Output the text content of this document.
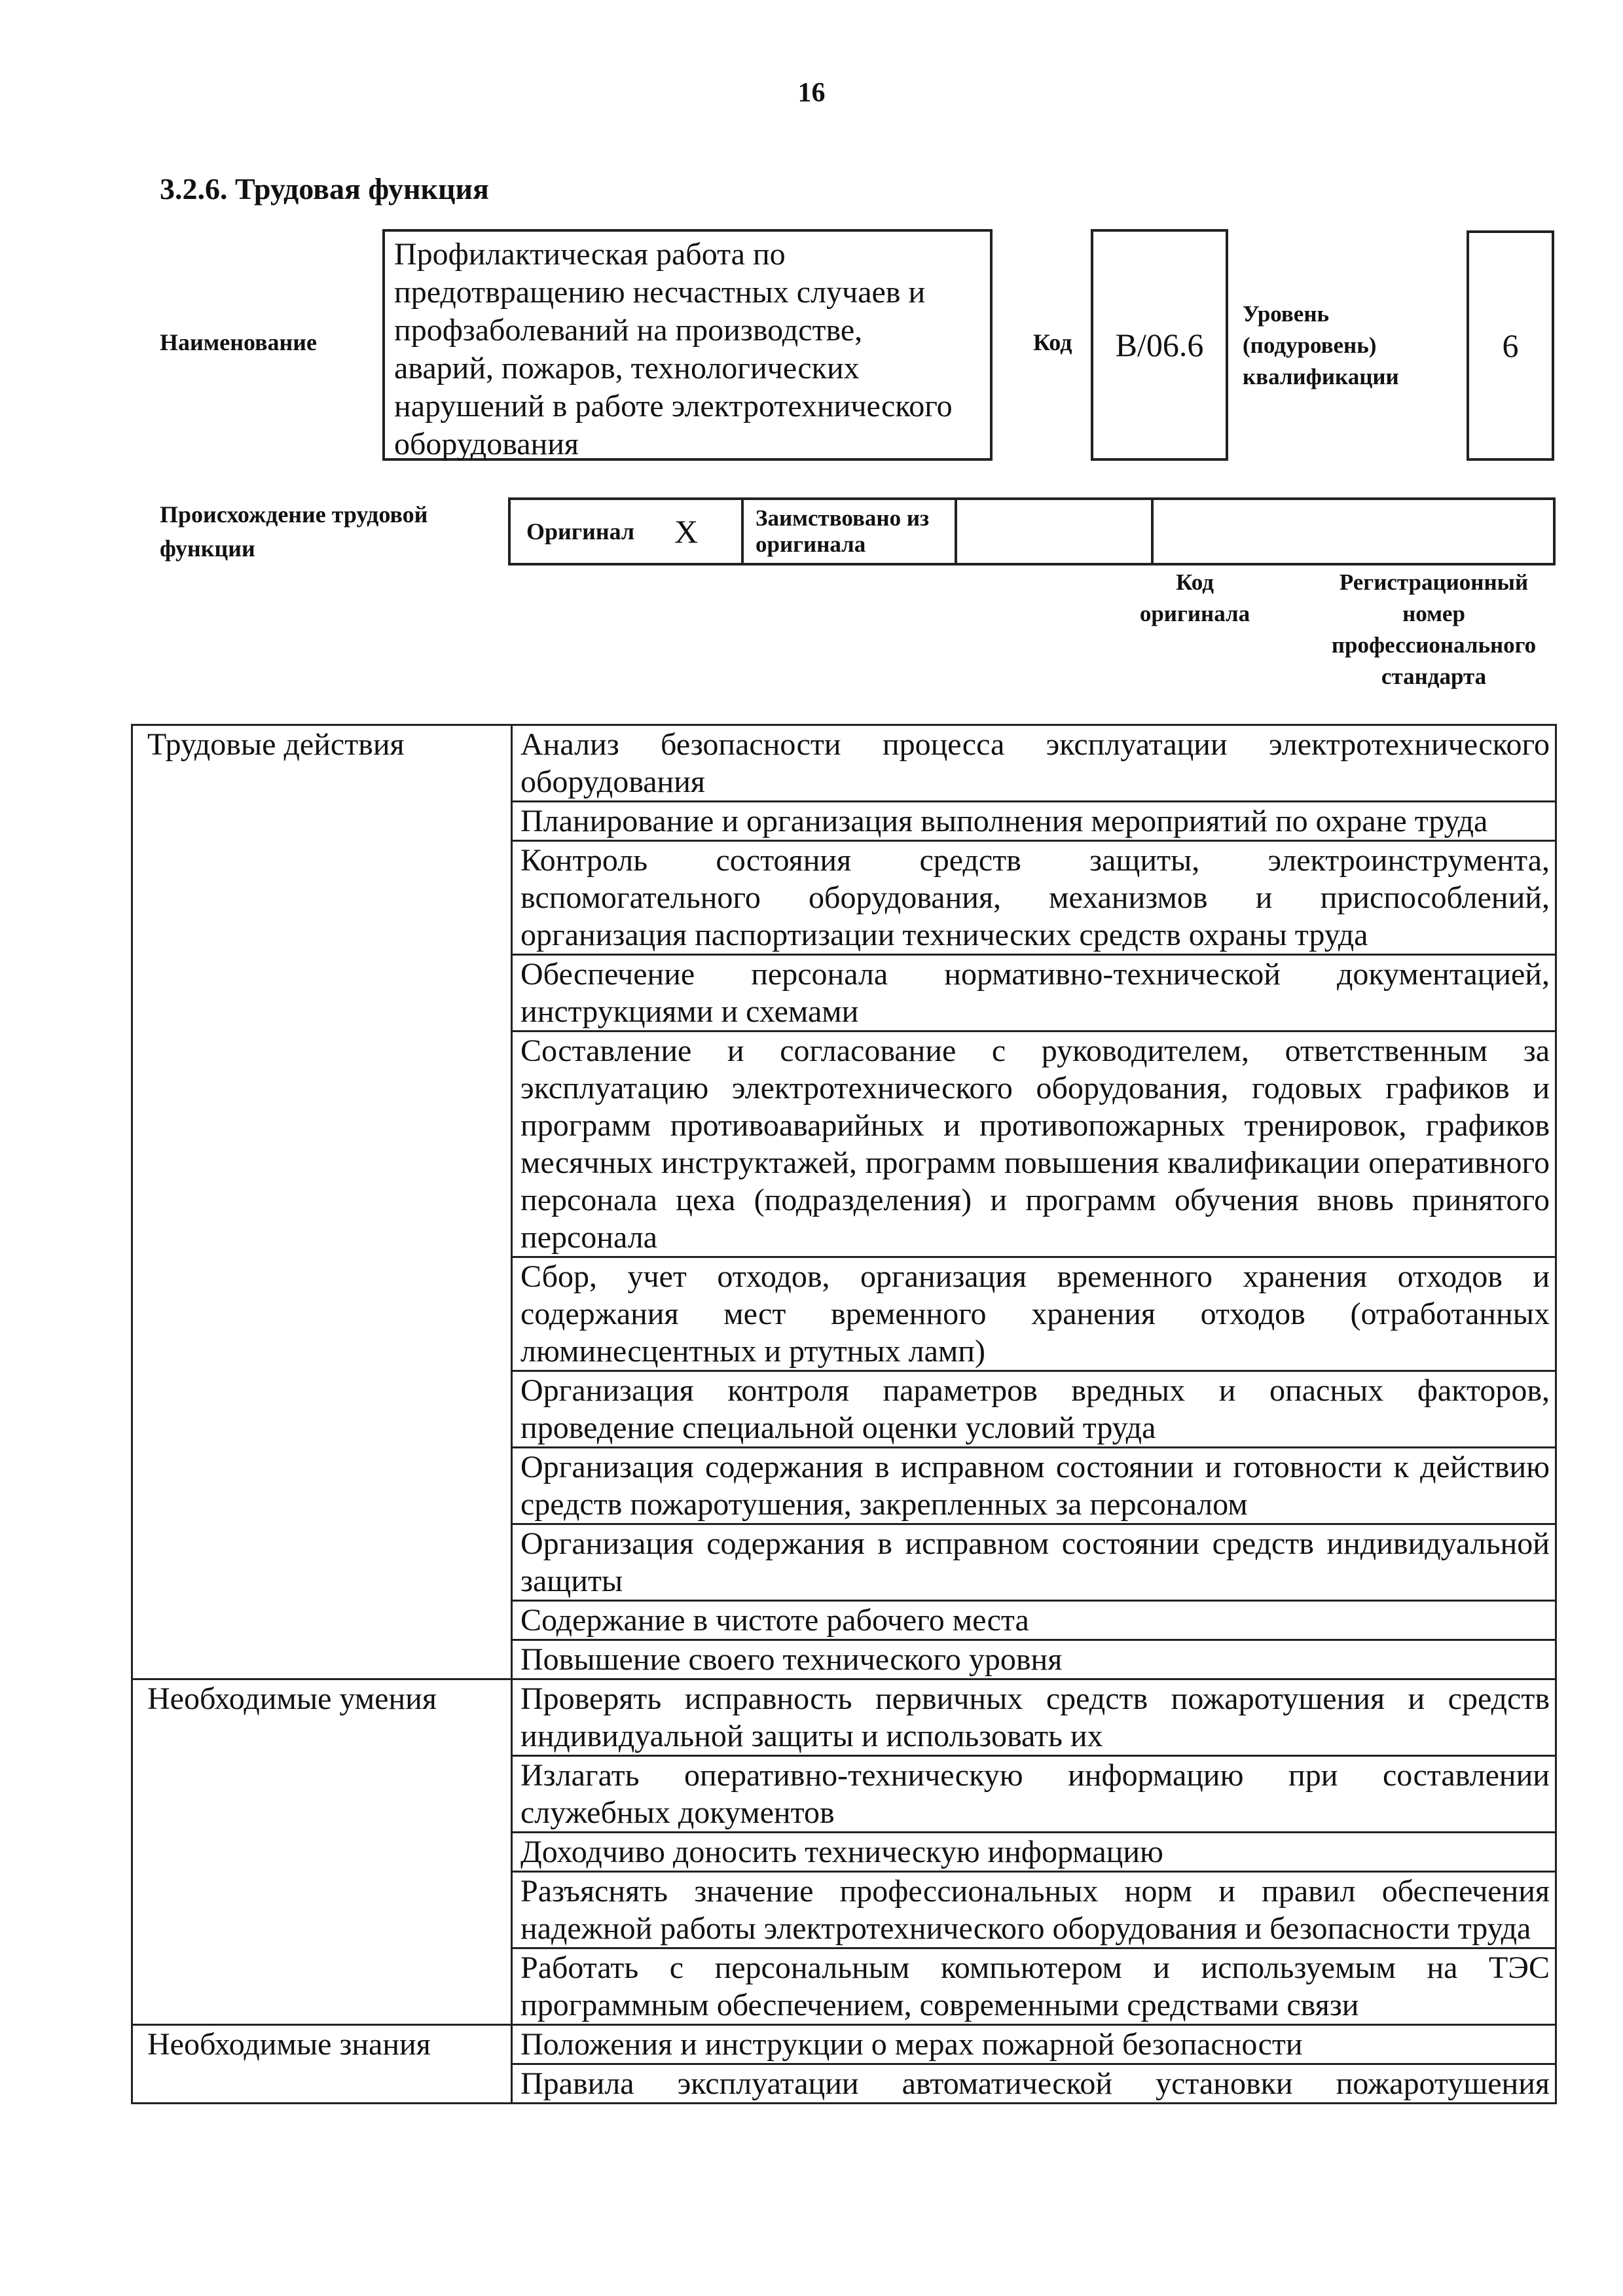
16
3.2.6. Трудовая функция
Наименование
Профилактическая работа по
предотвращению несчастных случаев и
профзаболеваний на производстве,
аварий, пожаров, технологических
нарушений в работе электротехнического
оборудования
Код B/06.6
Уровень
(подуровень)
квалификации
6
Происхождение трудовой
функции
Оригинал X	Заимствовано из оригинала
Код
оригинала
Регистрационный
номер
профессионального
стандарта
Трудовые действия	Анализ безопасности процесса эксплуатации электротехнического оборудования
	Планирование и организация выполнения мероприятий по охране труда
	Контроль состояния средств защиты, электроинструмента, вспомогательного оборудования, механизмов и приспособлений, организация паспортизации технических средств охраны труда
	Обеспечение персонала нормативно-технической документацией, инструкциями и схемами
	Составление и согласование с руководителем, ответственным за эксплуатацию электротехнического оборудования, годовых графиков и программ противоаварийных и противопожарных тренировок, графиков месячных инструктажей, программ повышения квалификации оперативного персонала цеха (подразделения) и программ обучения вновь принятого персонала
	Сбор, учет отходов, организация временного хранения отходов и содержания мест временного хранения отходов (отработанных люминесцентных и ртутных ламп)
	Организация контроля параметров вредных и опасных факторов, проведение специальной оценки условий труда
	Организация содержания в исправном состоянии и готовности к действию средств пожаротушения, закрепленных за персоналом
	Организация содержания в исправном состоянии средств индивидуальной защиты
	Содержание в чистоте рабочего места
	Повышение своего технического уровня
Необходимые умения	Проверять исправность первичных средств пожаротушения и средств индивидуальной защиты и использовать их
	Излагать оперативно-техническую информацию при составлении служебных документов
	Доходчиво доносить техническую информацию
	Разъяснять значение профессиональных норм и правил обеспечения надежной работы электротехнического оборудования и безопасности труда
	Работать с персональным компьютером и используемым на ТЭС программным обеспечением, современными средствами связи
Необходимые знания	Положения и инструкции о мерах пожарной безопасности
	Правила эксплуатации автоматической установки пожаротушения
